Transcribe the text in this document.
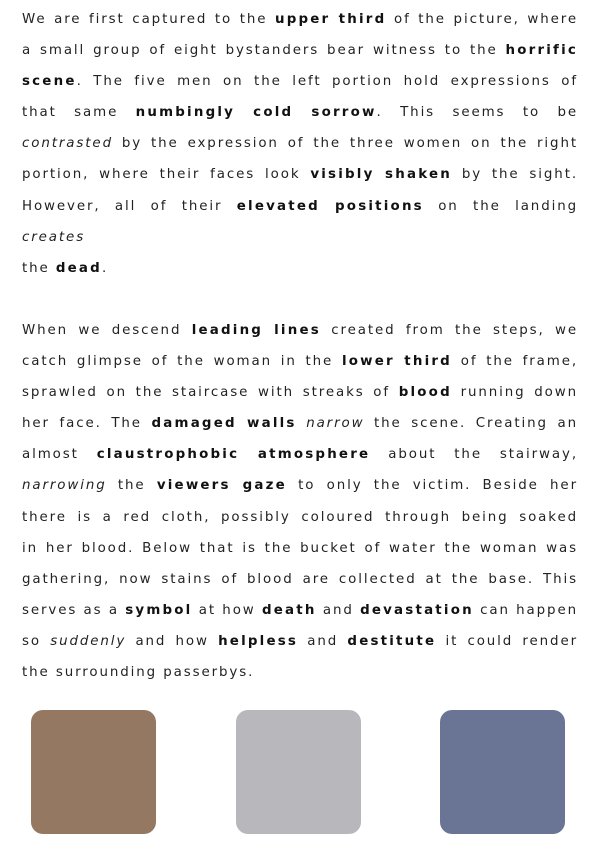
We are first captured to the upper third of the picture, where
a small group of eight bystanders bear witness to the horrific
scene. The five men on the left portion hold expressions of
that same numbingly cold sorrow. This seems to be
contrasted by the expression of the three women on the right
portion, where their faces look visibly shaken by the sight.
However, all of their elevated positions on the landing
creates
the dead.

When we descend leading lines created from the steps, we
catch glimpse of the woman in the lower third of the frame,
sprawled on the staircase with streaks of blood running down
her face. The damaged walls narrow the scene. Creating an
almost claustrophobic atmosphere about the stairway,
narrowing the viewers gaze to only the victim. Beside her
there is a red cloth, possibly coloured through being soaked
in her blood. Below that is the bucket of water the woman was
gathering, now stains of blood are collected at the base. This
serves as a symbol at how death and devastation can happen
so suddenly and how helpless and destitute it could render
the surrounding passerbys.
